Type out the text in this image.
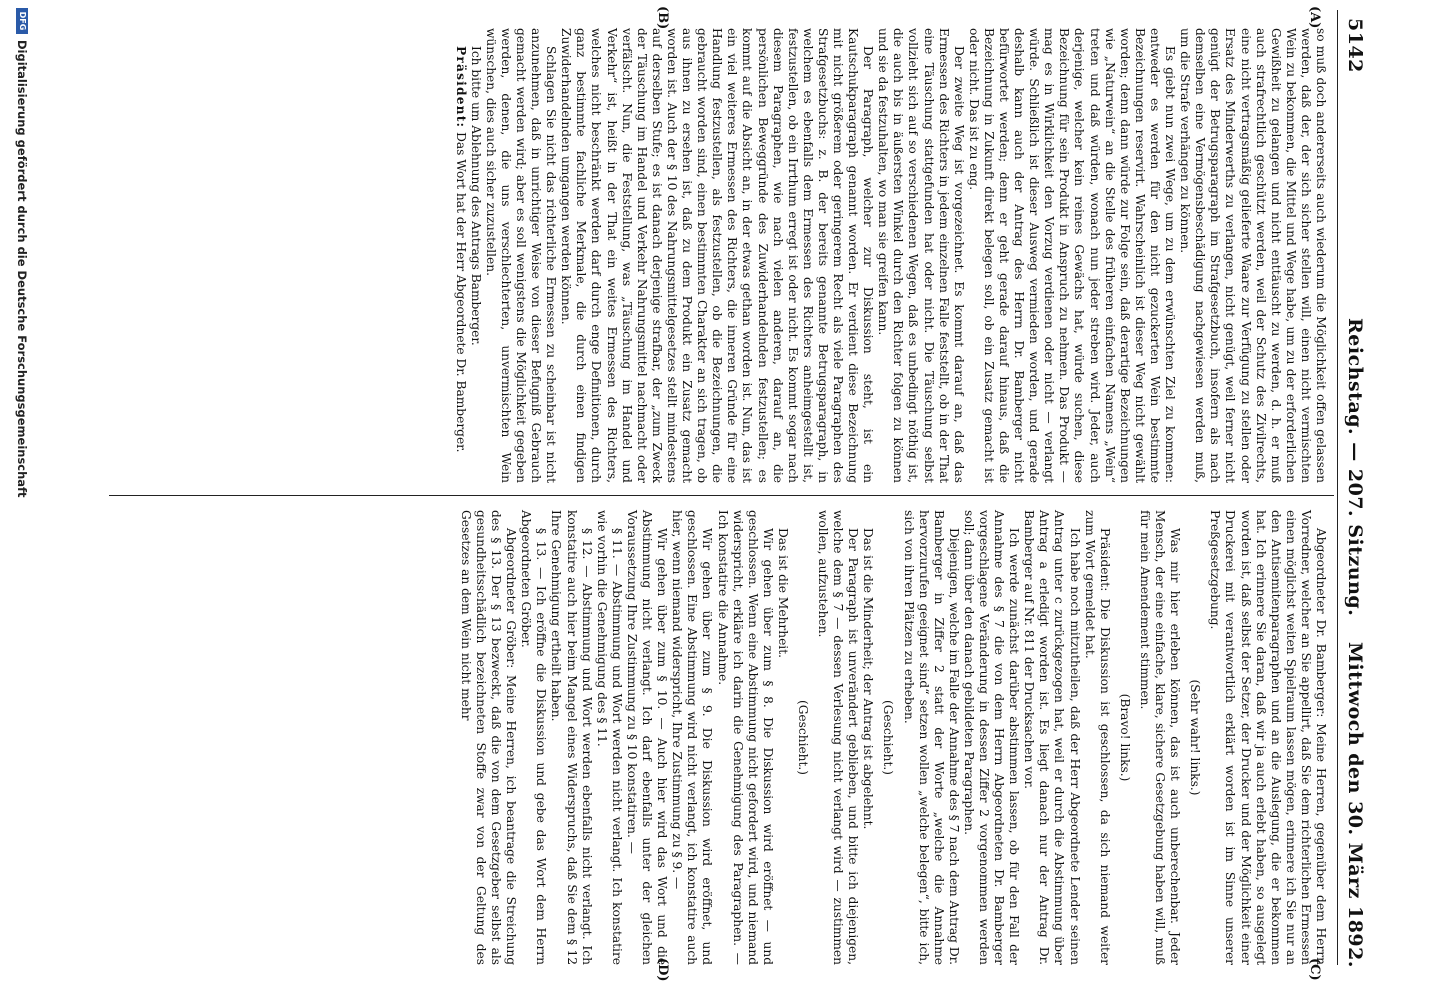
5142
Reichstag. — 207. Sitzung.
Mittwoch den 30. März 1892.
(A)
(B)
(C)
(D)

so muß doch andererseits auch wiederum die Möglichkeit offen gelassen werden, daß der, der sich sicher stellen will, einen nicht vermischten Wein zu bekommen, die Mittel und Wege habe, um zu der erforderlichen Gewißheit zu gelangen und nicht enttäuscht zu werden, d. h. er muß auch strafrechtlich geschützt werden, weil der Schutz des Zivilrechts, eine nicht vertragsmäßig gelieferte Waare zur Verfügung zu stellen oder Ersatz des Minderwerths zu verlangen, nicht genügt, weil ferner nicht genügt der Betrugsparagraph im Strafgesetzbuch, insofern als nach demselben eine Vermögensbeschädigung nachgewiesen werden muß, um die Strafe verhängen zu können.

Es giebt nun zwei Wege, um zu dem erwünschten Ziel zu kommen: entweder es werden für den nicht gezuckerten Wein bestimmte Bezeichnungen reservirt. Wahrscheinlich ist dieser Weg nicht gewählt worden; denn dann würde zur Folge sein, daß derartige Bezeichnungen wie „Naturwein“ an die Stelle des früheren einfachen Namens „Wein“ treten und daß würden, wonach nun jeder streben wird. Jeder, auch derjenige, welcher kein reines Gewächs hat, würde suchen, diese Bezeichnung für sein Produkt in Anspruch zu nehmen. Das Produkt — mag es in Wirklichkeit den Vorzug verdienen oder nicht — verlangt würde. Schließlich ist dieser Ausweg vermieden worden, und gerade deshalb kann auch der Antrag des Herrn Dr. Bamberger nicht befürwortet werden; denn er geht gerade darauf hinaus, daß die Bezeichnung in Zukunft direkt belegen soll, ob ein Zusatz gemacht ist oder nicht. Das ist zu eng.

Der zweite Weg ist vorgezeichnet. Es kommt darauf an, daß das Ermessen des Richters in jedem einzelnen Falle feststellt, ob in der That eine Täuschung stattgefunden hat oder nicht. Die Täuschung selbst vollzieht sich auf so verschiedenen Wegen, daß es unbedingt nöthig ist, die auch bis in äußersten Winkel durch den Richter folgen zu können und sie da festzuhalten, wo man sie greifen kann.

Der Paragraph, welcher zur Diskussion steht, ist ein Kautschukparagraph genannt worden. Er verdient diese Bezeichnung mit nicht größerem oder geringerem Recht als viele Paragraphen des Strafgesetzbuchs: z. B. der bereits genannte Betrugsparagraph, in welchem es ebenfalls dem Ermessen des Richters anheimgestellt ist, festzustellen, ob ein Irrthum erregt ist oder nicht. Es kommt sogar nach diesem Paragraphen, wie nach vielen anderen, darauf an, die persönlichen Beweggründe des Zuwiderhandelnden festzustellen; es kommt auf die Absicht an, in der etwas gethan worden ist. Nun, das ist ein viel weiteres Ermessen des Richters, die inneren Gründe für eine Handlung festzustellen, als festzustellen, ob die Bezeichnungen, die gebraucht worden sind, einen bestimmten Charakter an sich tragen, ob aus ihnen zu ersehen ist, daß zu dem Produkt ein Zusatz gemacht worden ist. Auch der § 10 des Nahrungsmittelgesetzes stellt mindestens auf derselben Stufe; es ist danach derjenige strafbar, der „zum Zweck der Täuschung im Handel und Verkehr Nahrungsmittel nachmacht oder verfälscht. Nun, die Feststellung, was „Täuschung im Handel und Verkehr“ ist, heißt in der That ein weites Ermessen des Richters, welches nicht beschränkt werden darf durch enge Definitionen, durch ganz bestimmte fachliche Merkmale, die durch einen findigen Zuwiderhandelnden umgangen werden können.

Schlagen Sie nicht das richterliche Ermessen zu scheinbar ist nicht anzunehmen, daß in unrichtiger Weise von dieser Befugniß Gebrauch gemacht werden wird; aber es soll wenigstens die Möglichkeit gegeben werden, denen, die uns verschlechterten, unvermischten Wein wünschen, dies auch sicher zuzustellen.

Ich bitte um Ablehnung des Antrags Bamberger.

Präsident: Das Wort hat der Herr Abgeordnete Dr. Bamberger.

Abgeordneter Dr. Bamberger: Meine Herren, gegenüber dem Herrn Vorredner, welcher an Sie appellirt, daß Sie dem richterlichen Ermessen einen möglichst weiten Spielraum lassen mögen, erinnere ich Sie nur an den Antisemitenparagraphen und an die Auslegung, die er bekommen hat. Ich erinnere Sie daran, daß wir ja auch erlebt haben, so ausgelegt worden ist, daß selbst der Setzer, der Drucker und der Möglichkeit einer Druckerei mit verantwortlich erklärt worden ist im Sinne unserer Preßgesetzgebung.

(Sehr wahr! links.)

Was mir hier erleben können, das ist auch unberechenbar. Jeder Mensch, der eine einfache, klare, sichere Gesetzgebung haben will, muß für mein Amendement stimmen.

(Bravo! links.)

Präsident: Die Diskussion ist geschlossen, da sich niemand weiter zum Wort gemeldet hat.

Ich habe noch mitzutheilen, daß der Herr Abgeordnete Lender seinen Antrag unter c zurückgezogen hat, weil er durch die Abstimmung über Antrag a erledigt worden ist. Es liegt danach nur der Antrag Dr. Bamberger auf Nr. 811 der Drucksachen vor.

Ich werde zunächst darüber abstimmen lassen, ob für den Fall der Annahme des § 7 die von dem Herrn Abgeordneten Dr. Bamberger vorgeschlagene Veränderung in dessen Ziffer 2 vorgenommen werden soll; dann über den danach gebildeten Paragraphen.

Diejenigen, welche im Falle der Annahme des § 7 nach dem Antrag Dr. Bamberger in Ziffer 2 statt der Worte „welche die Annahme hervorzurufen geeignet sind“ setzen wollen „welche belegen“, bitte ich, sich von ihren Plätzen zu erheben.

(Geschieht.)

Das ist die Minderheit; der Antrag ist abgelehnt.

Der Paragraph ist unverändert geblieben, und bitte ich diejenigen, welche dem § 7 — dessen Verlesung nicht verlangt wird — zustimmen wollen, aufzustehen.

(Geschieht.)

Das ist die Mehrheit.

Wir gehen über zum § 8. Die Diskussion wird eröffnet — und geschlossen. Wenn eine Abstimmung nicht gefordert wird, und niemand widerspricht, erkläre ich darin die Genehmigung des Paragraphen. — Ich konstatire die Annahme.

Wir gehen über zum § 9. Die Diskussion wird eröffnet, und geschlossen. Eine Abstimmung wird nicht verlangt, ich konstatire auch hier, wenn niemand widerspricht, Ihre Zustimmung zu § 9. —

Wir gehen über zum § 10. — Auch hier wird das Wort und die Abstimmung nicht verlangt. Ich darf ebenfalls unter der gleichen Voraussetzung Ihre Zustimmung zu § 10 konstatiren. —

§ 11. — Abstimmung und Wort werden nicht verlangt. Ich konstatire wie vorhin die Genehmigung des § 11.

§ 12. — Abstimmung und Wort werden ebenfalls nicht verlangt. Ich konstatire auch hier beim Mangel eines Widerspruchs, daß Sie dem § 12 Ihre Genehmigung ertheilt haben.

§ 13. — Ich eröffne die Diskussion und gebe das Wort dem Herrn Abgeordneten Gröber.

Abgeordneter Gröber: Meine Herren, ich beantrage die Streichung des § 13. Der § 13 bezweckt, daß die von dem Gesetzgeber selbst als gesundheitsschädlich bezeichneten Stoffe zwar von der Geltung des Gesetzes an dem Wein nicht mehr

DFG
Digitalisierung gefördert durch die Deutsche Forschungsgemeinschaft
